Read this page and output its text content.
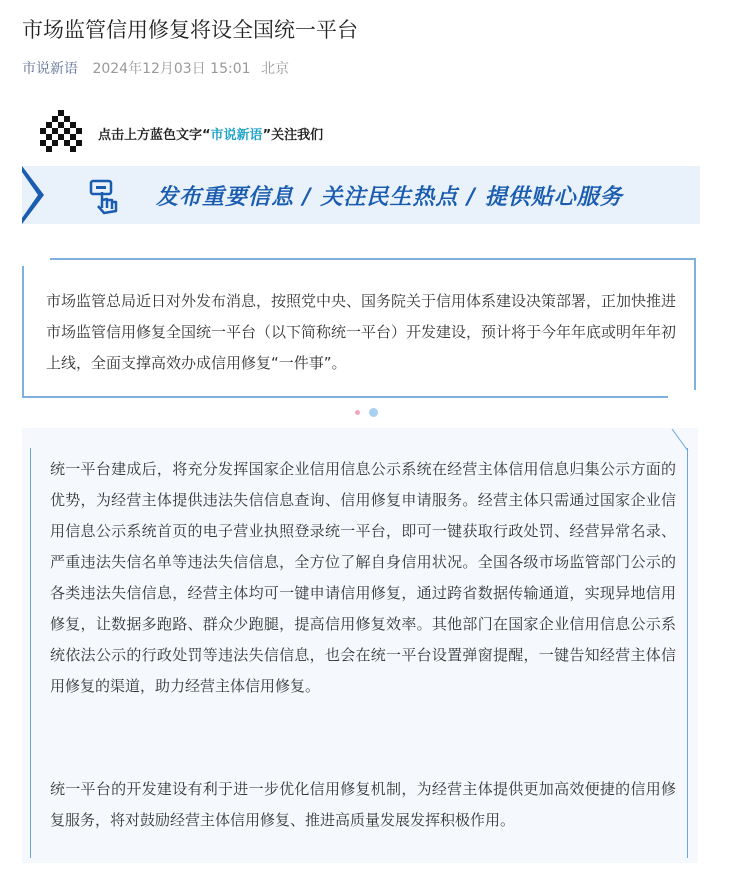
市场监管信用修复将设全国统一平台
市说新语 2024年12月03日 15:01 北京
点击上方蓝色文字“市说新语”关注我们
发布重要信息 / 关注民生热点 / 提供贴心服务
市场监管总局近日对外发布消息，按照党中央、国务院关于信用体系建设决策部署，正加快推进市场监管信用修复全国统一平台（以下简称统一平台）开发建设，预计将于今年年底或明年年初上线，全面支撑高效办成信用修复“一件事”。
统一平台建成后，将充分发挥国家企业信用信息公示系统在经营主体信用信息归集公示方面的优势，为经营主体提供违法失信信息查询、信用修复申请服务。经营主体只需通过国家企业信用信息公示系统首页的电子营业执照登录统一平台，即可一键获取行政处罚、经营异常名录、严重违法失信名单等违法失信信息，全方位了解自身信用状况。全国各级市场监管部门公示的各类违法失信信息，经营主体均可一键申请信用修复，通过跨省数据传输通道，实现异地信用修复，让数据多跑路、群众少跑腿，提高信用修复效率。其他部门在国家企业信用信息公示系统依法公示的行政处罚等违法失信信息，也会在统一平台设置弹窗提醒，一键告知经营主体信用修复的渠道，助力经营主体信用修复。
统一平台的开发建设有利于进一步优化信用修复机制，为经营主体提供更加高效便捷的信用修复服务，将对鼓励经营主体信用修复、推进高质量发展发挥积极作用。
